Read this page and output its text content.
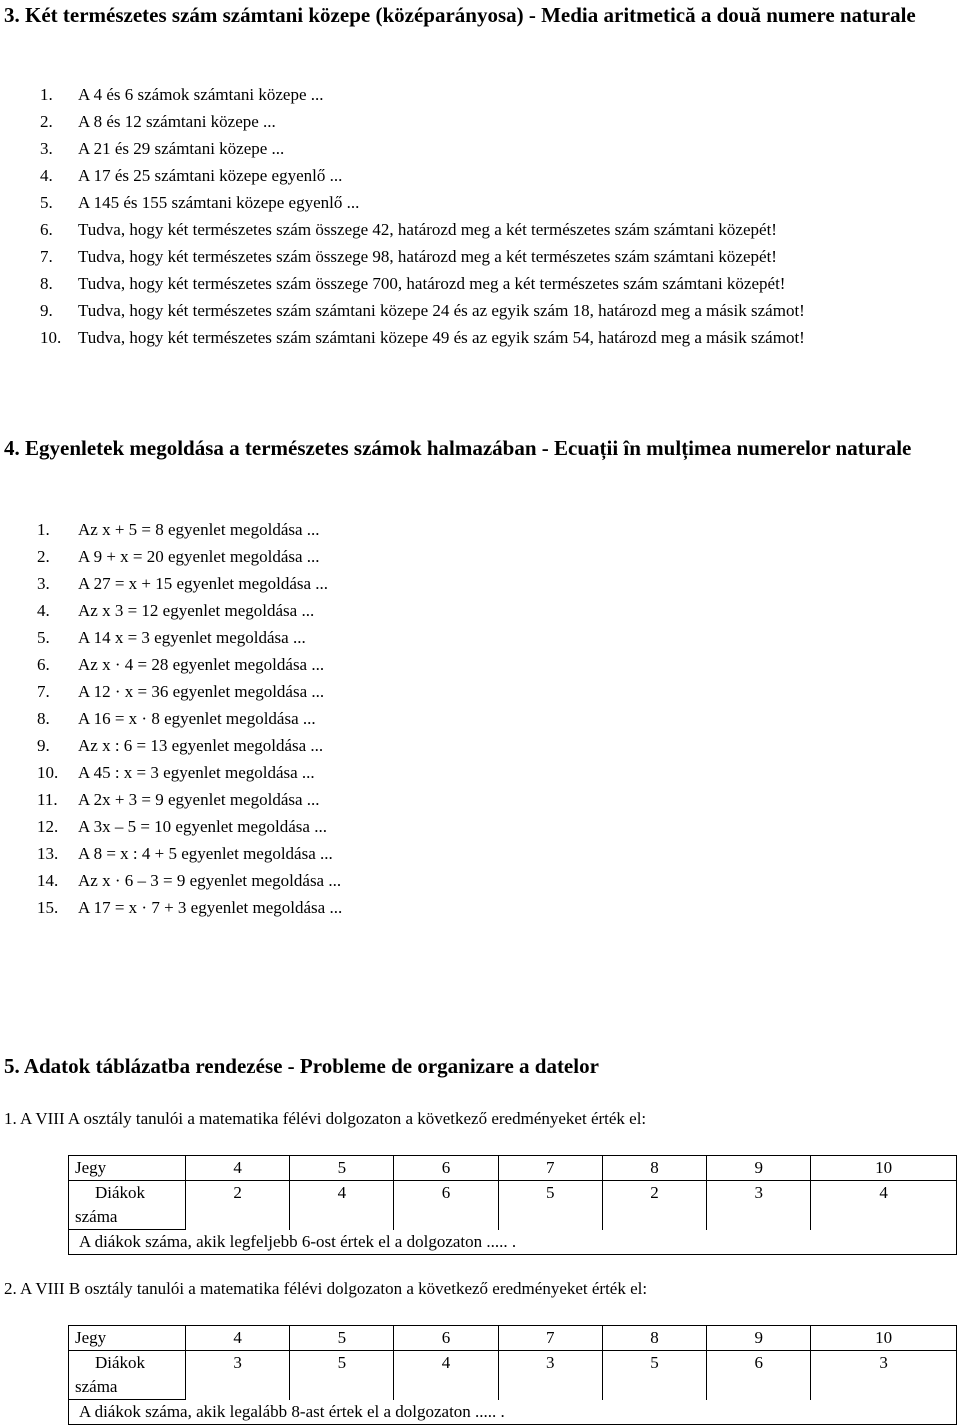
3. Két természetes szám számtani közepe (középarányosa) - Media aritmetică a două numere naturale
1. A 4 és 6 számok számtani közepe ...
2. A 8 és 12 számtani közepe ...
3. A 21 és 29 számtani közepe ...
4. A 17 és 25 számtani közepe egyenlő ...
5. A 145 és 155 számtani közepe egyenlő ...
6. Tudva, hogy két természetes szám összege 42, határozd meg a két természetes szám számtani közepét!
7. Tudva, hogy két természetes szám összege 98, határozd meg a két természetes szám számtani közepét!
8. Tudva, hogy két természetes szám összege 700, határozd meg a két természetes szám számtani közepét!
9. Tudva, hogy két természetes szám számtani közepe 24 és az egyik szám 18, határozd meg a másik számot!
10. Tudva, hogy két természetes szám számtani közepe 49 és az egyik szám 54, határozd meg a másik számot!
4. Egyenletek megoldása a természetes számok halmazában - Ecuații în mulțimea numerelor naturale
1. Az x + 5 = 8 egyenlet megoldása ...
2. A 9 + x = 20 egyenlet megoldása ...
3. A 27 = x + 15 egyenlet megoldása ...
4. Az x 3 = 12 egyenlet megoldása ...
5. A 14 x = 3 egyenlet megoldása ...
6. Az x · 4 = 28 egyenlet megoldása ...
7. A 12 · x = 36 egyenlet megoldása ...
8. A 16 = x · 8 egyenlet megoldása ...
9. Az x : 6 = 13 egyenlet megoldása ...
10. A 45 : x = 3 egyenlet megoldása ...
11. A 2x + 3 = 9 egyenlet megoldása ...
12. A 3x – 5 = 10 egyenlet megoldása ...
13. A 8 = x : 4 + 5 egyenlet megoldása ...
14. Az x · 6 – 3 = 9 egyenlet megoldása ...
15. A 17 = x · 7 + 3 egyenlet megoldása ...
5. Adatok táblázatba rendezése - Probleme de organizare a datelor
1. A VIII A osztály tanulói a matematika félévi dolgozaton a következő eredményeket érték el:
Jegy	4	5	6	7	8	9	10

Diákok
száma	2	4	6	5	2	3	4
A diákok száma, akik legfeljebb 6-ost értek el a dolgozaton ..... .							
2. A VIII B osztály tanulói a matematika félévi dolgozaton a következő eredményeket érték el:
Jegy	4	5	6	7	8	9	10

Diákok
száma	3	5	4	3	5	6	3
A diákok száma, akik legalább 8-ast értek el a dolgozaton ..... .							
